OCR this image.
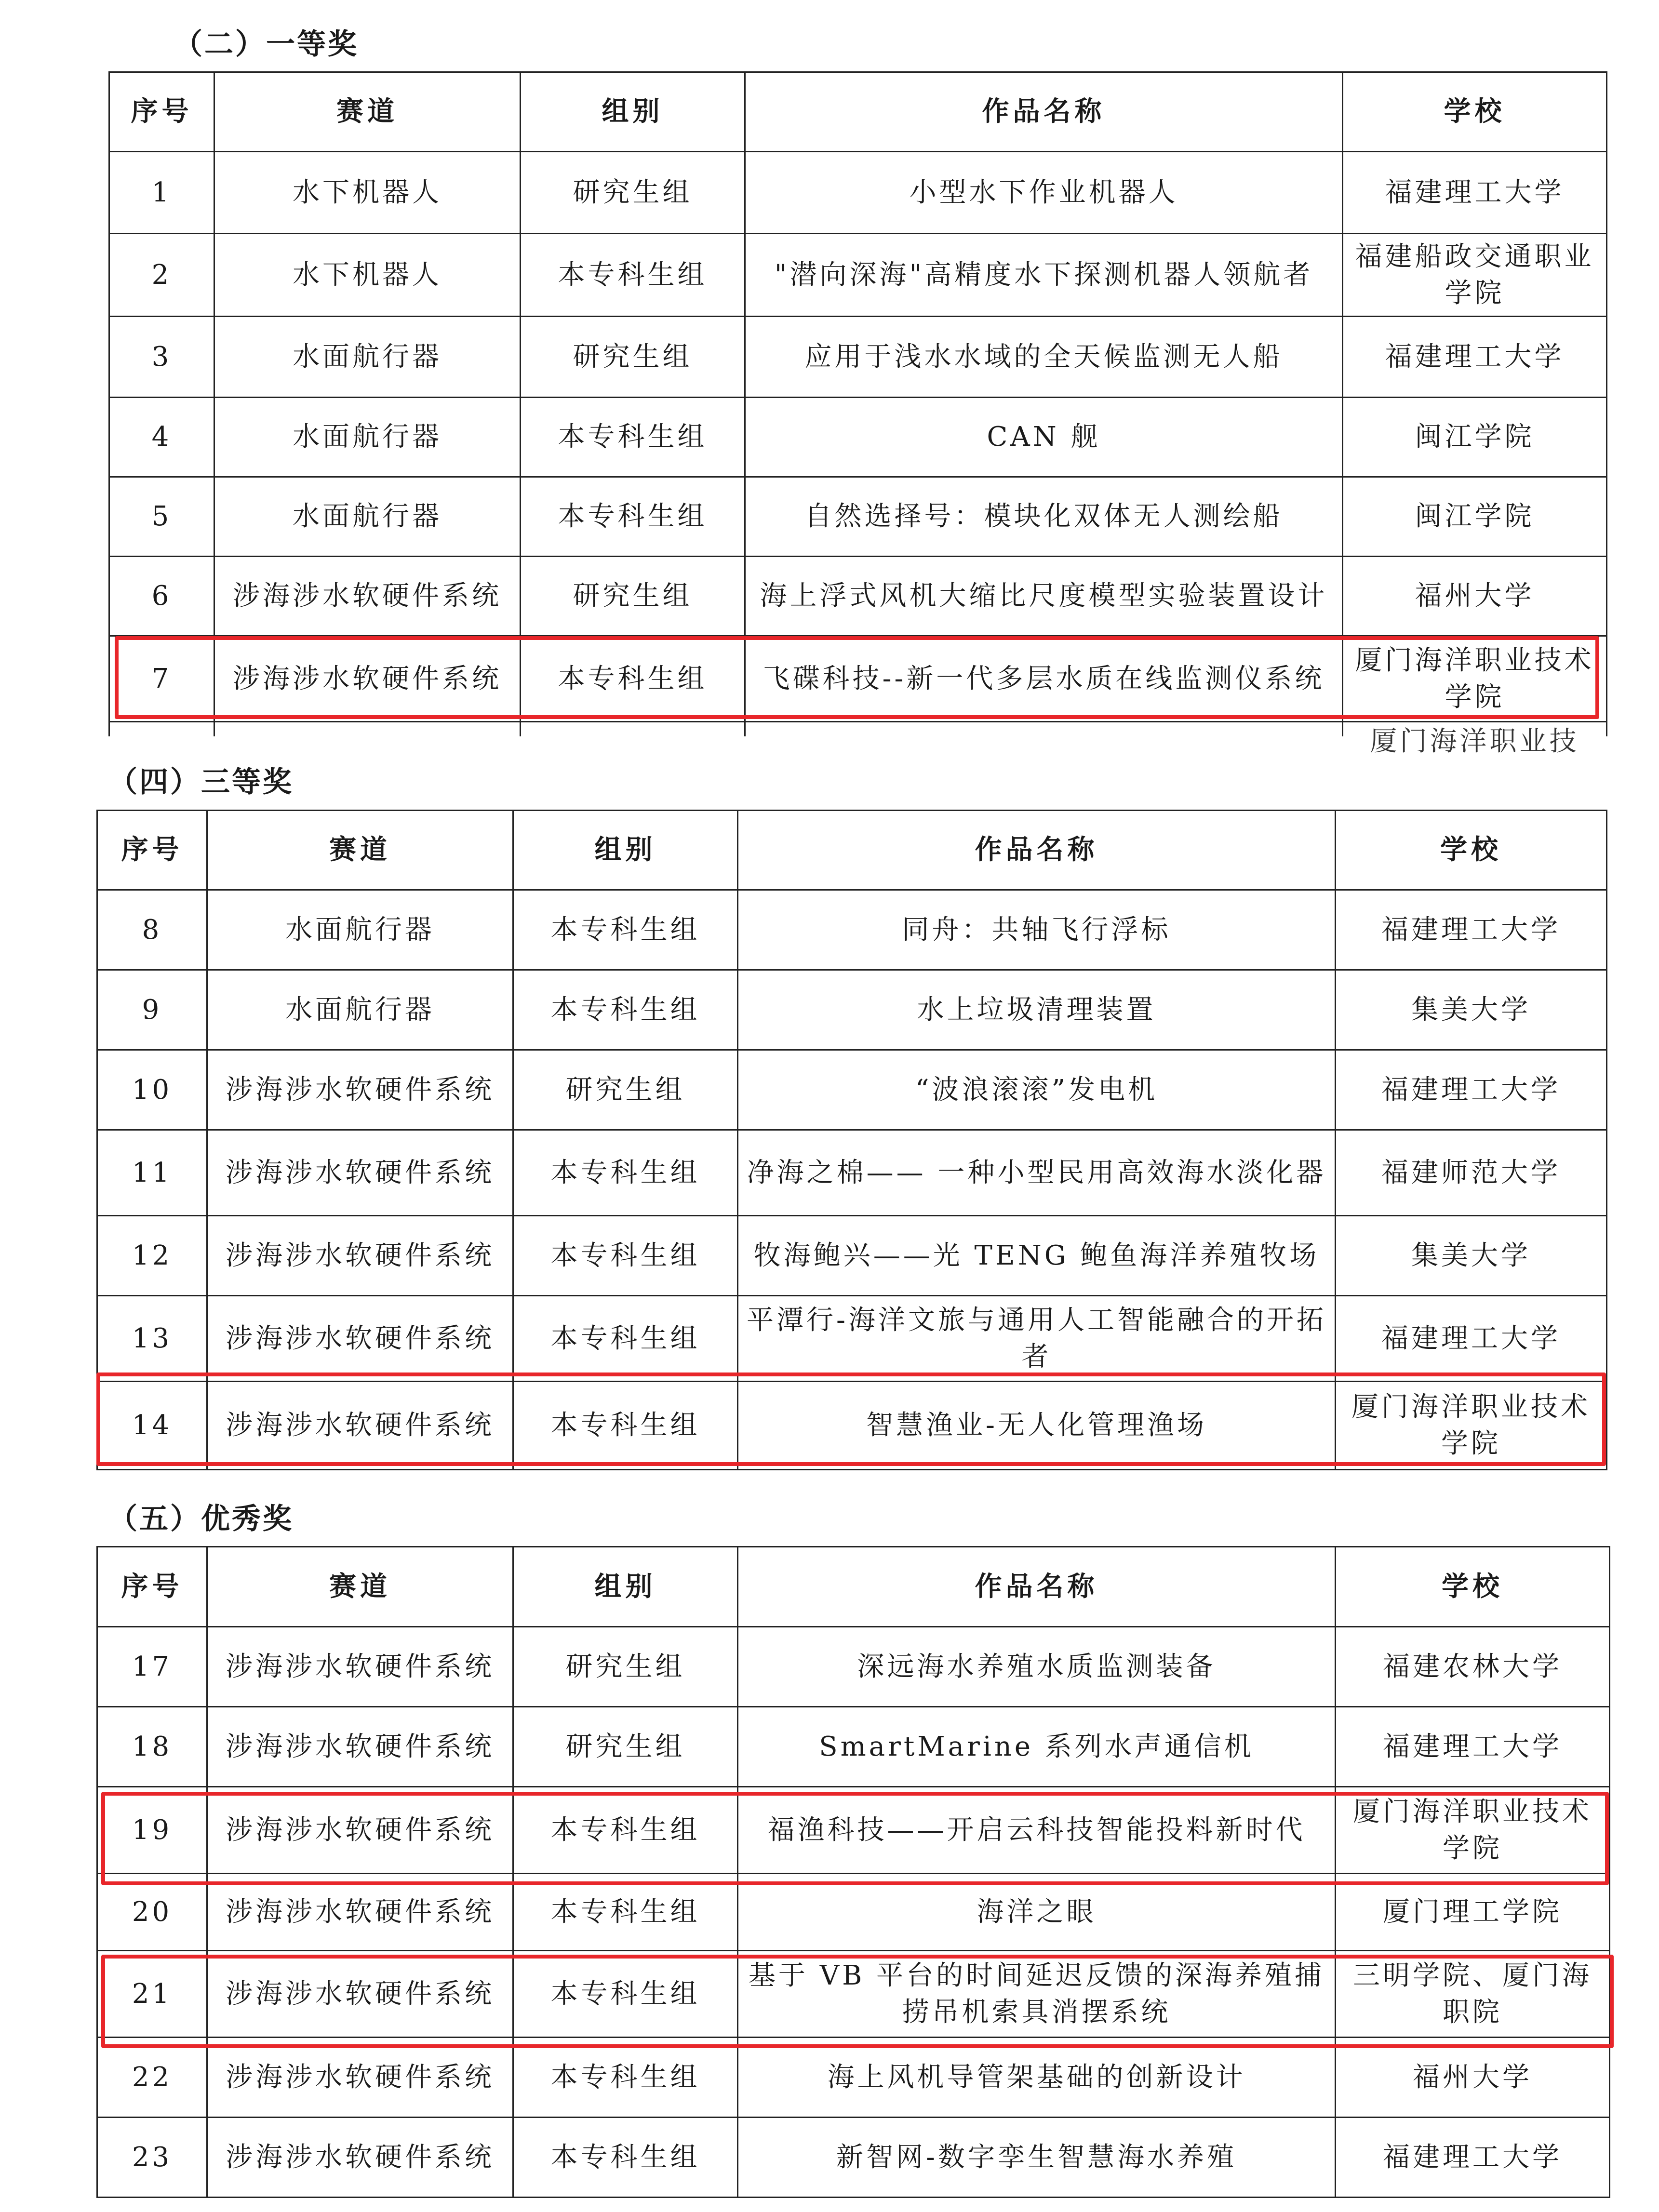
（二）一等奖
序号	赛道	组别	作品名称	学校
1	水下机器人	研究生组	小型水下作业机器人	福建理工大学
2	水下机器人	本专科生组	"潜向深海"高精度水下探测机器人领航者	福建船政交通职业学院
3	水面航行器	研究生组	应用于浅水水域的全天候监测无人船	福建理工大学
4	水面航行器	本专科生组	CAN 舰	闽江学院
5	水面航行器	本专科生组	自然选择号：模块化双体无人测绘船	闽江学院
6	涉海涉水软硬件系统	研究生组	海上浮式风机大缩比尺度模型实验装置设计	福州大学
7	涉海涉水软硬件系统	本专科生组	飞碟科技--新一代多层水质在线监测仪系统	厦门海洋职业技术学院

				厦门海洋职业技
（四）三等奖
序号	赛道	组别	作品名称	学校
8	水面航行器	本专科生组	同舟：共轴飞行浮标	福建理工大学
9	水面航行器	本专科生组	水上垃圾清理装置	集美大学
10	涉海涉水软硬件系统	研究生组	“波浪滚滚”发电机	福建理工大学
11	涉海涉水软硬件系统	本专科生组	净海之棉—— 一种小型民用高效海水淡化器	福建师范大学
12	涉海涉水软硬件系统	本专科生组	牧海鲍兴——光 TENG 鲍鱼海洋养殖牧场	集美大学
13	涉海涉水软硬件系统	本专科生组	平潭行-海洋文旅与通用人工智能融合的开拓者	福建理工大学
14	涉海涉水软硬件系统	本专科生组	智慧渔业-无人化管理渔场	厦门海洋职业技术学院
（五）优秀奖
序号	赛道	组别	作品名称	学校
17	涉海涉水软硬件系统	研究生组	深远海水养殖水质监测装备	福建农林大学
18	涉海涉水软硬件系统	研究生组	SmartMarine 系列水声通信机	福建理工大学
19	涉海涉水软硬件系统	本专科生组	福渔科技——开启云科技智能投料新时代	厦门海洋职业技术学院
20	涉海涉水软硬件系统	本专科生组	海洋之眼	厦门理工学院
21	涉海涉水软硬件系统	本专科生组	基于 VB 平台的时间延迟反馈的深海养殖捕捞吊机索具消摆系统	三明学院、厦门海职院
22	涉海涉水软硬件系统	本专科生组	海上风机导管架基础的创新设计	福州大学
23	涉海涉水软硬件系统	本专科生组	新智网-数字孪生智慧海水养殖	福建理工大学
